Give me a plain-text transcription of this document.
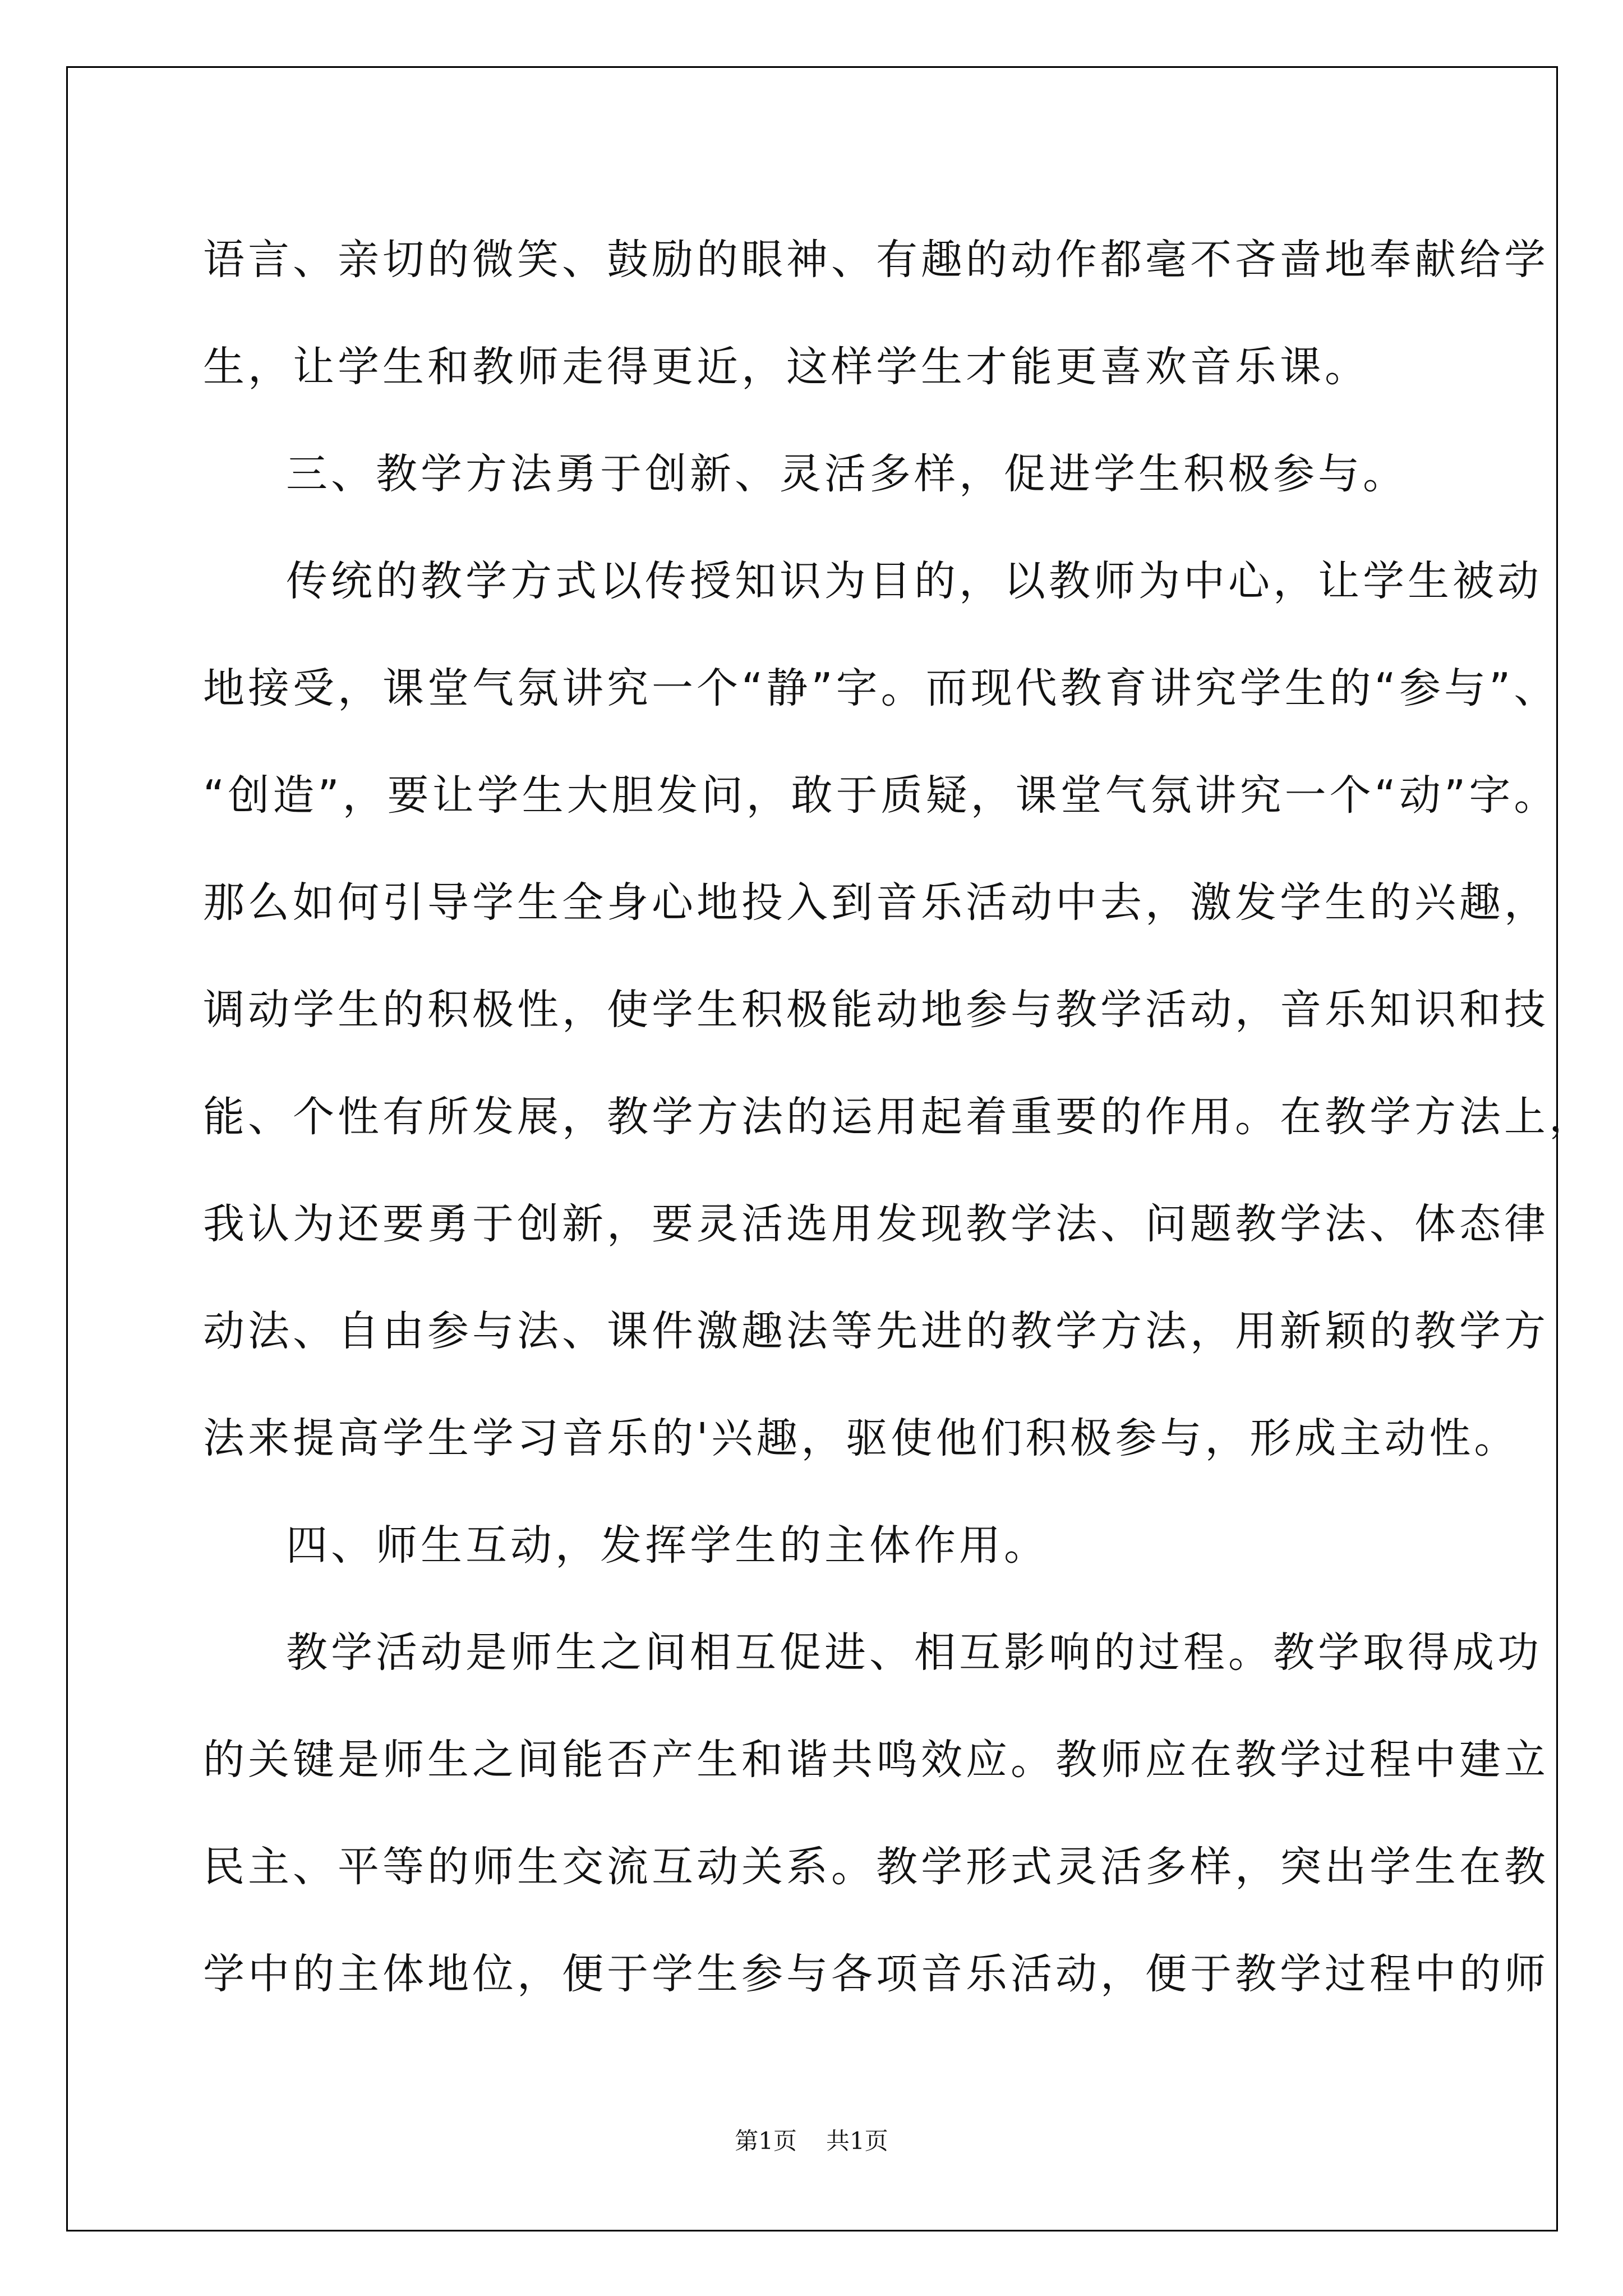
语言、亲切的微笑、鼓励的眼神、有趣的动作都毫不吝啬地奉献给学
生，让学生和教师走得更近，这样学生才能更喜欢音乐课。
三、教学方法勇于创新、灵活多样，促进学生积极参与。
传统的教学方式以传授知识为目的，以教师为中心，让学生被动
地接受，课堂气氛讲究一个“静”字。而现代教育讲究学生的“参与”、
“创造”，要让学生大胆发问，敢于质疑，课堂气氛讲究一个“动”字。
那么如何引导学生全身心地投入到音乐活动中去，激发学生的兴趣，
调动学生的积极性，使学生积极能动地参与教学活动，音乐知识和技
能、个性有所发展，教学方法的运用起着重要的作用。在教学方法上，
我认为还要勇于创新，要灵活选用发现教学法、问题教学法、体态律
动法、自由参与法、课件激趣法等先进的教学方法，用新颖的教学方
法来提高学生学习音乐的'兴趣，驱使他们积极参与，形成主动性。
四、师生互动，发挥学生的主体作用。
教学活动是师生之间相互促进、相互影响的过程。教学取得成功
的关键是师生之间能否产生和谐共鸣效应。教师应在教学过程中建立
民主、平等的师生交流互动关系。教学形式灵活多样，突出学生在教
学中的主体地位，便于学生参与各项音乐活动，便于教学过程中的师
第1页 共1页
